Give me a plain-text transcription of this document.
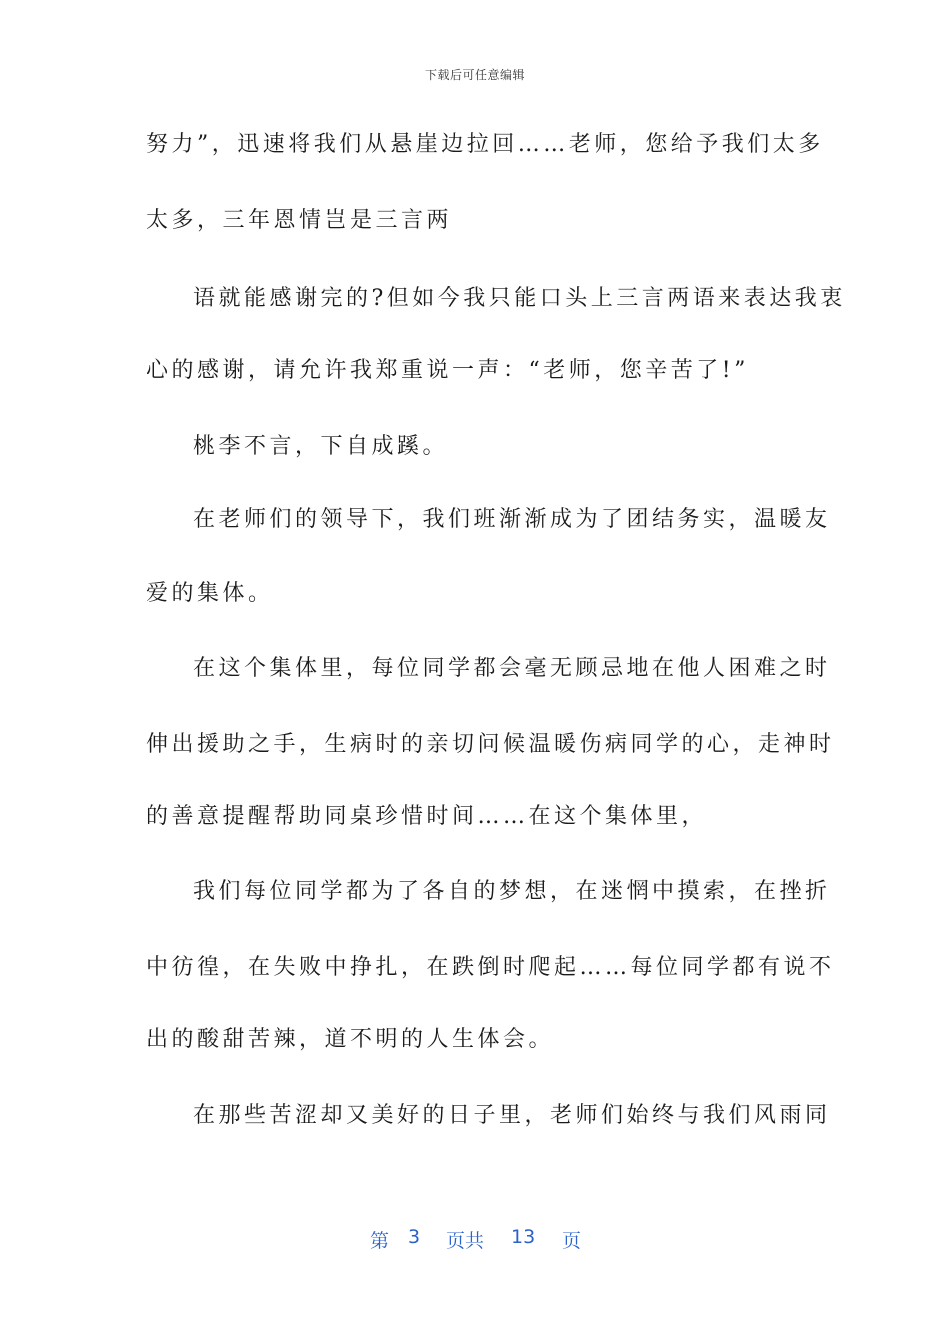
下载后可任意编辑
努力”，迅速将我们从悬崖边拉回……老师，您给予我们太多
太多，三年恩情岂是三言两
语就能感谢完的?但如今我只能口头上三言两语来表达我衷
心的感谢，请允许我郑重说一声：“老师，您辛苦了!”
桃李不言，下自成蹊。
在老师们的领导下，我们班渐渐成为了团结务实，温暖友
爱的集体。
在这个集体里，每位同学都会毫无顾忌地在他人困难之时
伸出援助之手，生病时的亲切问候温暖伤病同学的心，走神时
的善意提醒帮助同桌珍惜时间……在这个集体里，
我们每位同学都为了各自的梦想，在迷惘中摸索，在挫折
中彷徨，在失败中挣扎，在跌倒时爬起……每位同学都有说不
出的酸甜苦辣，道不明的人生体会。
在那些苦涩却又美好的日子里，老师们始终与我们风雨同
第 3 页共 13 页
